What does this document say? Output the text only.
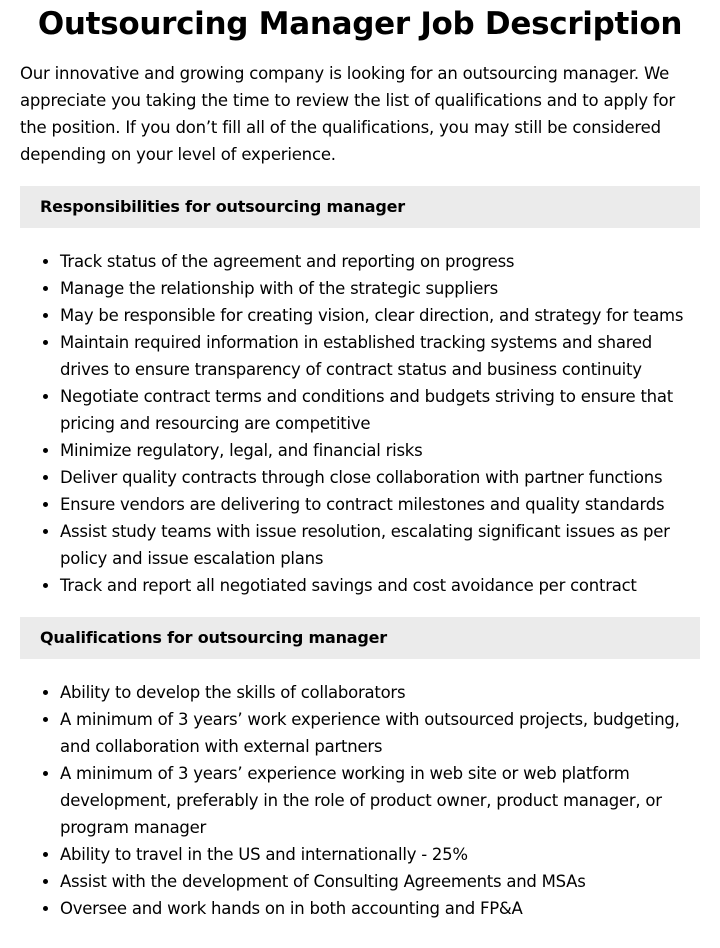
Outsourcing Manager Job Description

Our innovative and growing company is looking for an outsourcing manager. We appreciate you taking the time to review the list of qualifications and to apply for the position. If you don’t fill all of the qualifications, you may still be considered depending on your level of experience.

Responsibilities for outsourcing manager
• Track status of the agreement and reporting on progress
• Manage the relationship with of the strategic suppliers
• May be responsible for creating vision, clear direction, and strategy for teams
• Maintain required information in established tracking systems and shared drives to ensure transparency of contract status and business continuity
• Negotiate contract terms and conditions and budgets striving to ensure that pricing and resourcing are competitive
• Minimize regulatory, legal, and financial risks
• Deliver quality contracts through close collaboration with partner functions
• Ensure vendors are delivering to contract milestones and quality standards
• Assist study teams with issue resolution, escalating significant issues as per policy and issue escalation plans
• Track and report all negotiated savings and cost avoidance per contract
Qualifications for outsourcing manager
• Ability to develop the skills of collaborators
• A minimum of 3 years’ work experience with outsourced projects, budgeting, and collaboration with external partners
• A minimum of 3 years’ experience working in web site or web platform development, preferably in the role of product owner, product manager, or program manager
• Ability to travel in the US and internationally - 25%
• Assist with the development of Consulting Agreements and MSAs
• Oversee and work hands on in both accounting and FP&A
